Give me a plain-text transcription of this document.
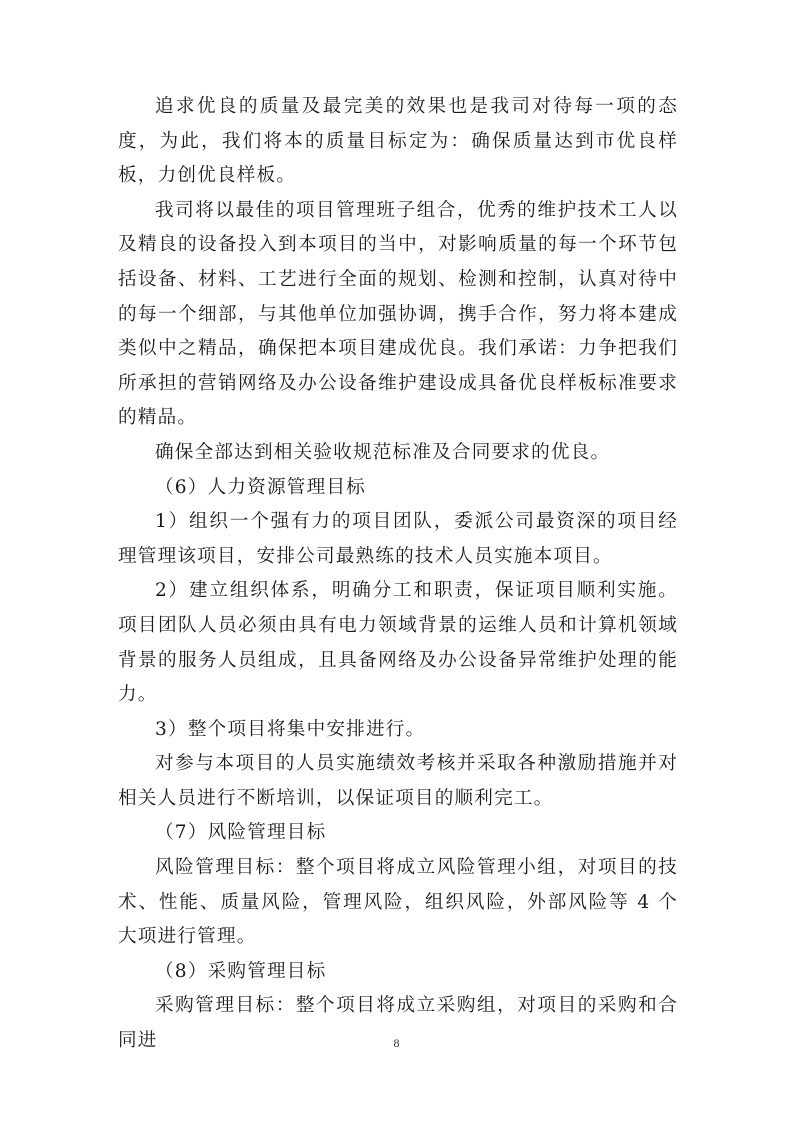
追求优良的质量及最完美的效果也是我司对待每一项的态度，为此，我们将本的质量目标定为：确保质量达到市优良样板，力创优良样板。

我司将以最佳的项目管理班子组合，优秀的维护技术工人以及精良的设备投入到本项目的当中，对影响质量的每一个环节包括设备、材料、工艺进行全面的规划、检测和控制，认真对待中的每一个细部，与其他单位加强协调，携手合作，努力将本建成类似中之精品，确保把本项目建成优良。我们承诺：力争把我们所承担的营销网络及办公设备维护建设成具备优良样板标准要求的精品。

确保全部达到相关验收规范标准及合同要求的优良。

（6）人力资源管理目标

1）组织一个强有力的项目团队，委派公司最资深的项目经理管理该项目，安排公司最熟练的技术人员实施本项目。

2）建立组织体系，明确分工和职责，保证项目顺利实施。项目团队人员必须由具有电力领域背景的运维人员和计算机领域背景的服务人员组成，且具备网络及办公设备异常维护处理的能力。

3）整个项目将集中安排进行。

对参与本项目的人员实施绩效考核并采取各种激励措施并对相关人员进行不断培训，以保证项目的顺利完工。

（7）风险管理目标

风险管理目标：整个项目将成立风险管理小组，对项目的技术、性能、质量风险，管理风险，组织风险，外部风险等 4 个大项进行管理。

（8）采购管理目标

采购管理目标：整个项目将成立采购组，对项目的采购和合同进	8
